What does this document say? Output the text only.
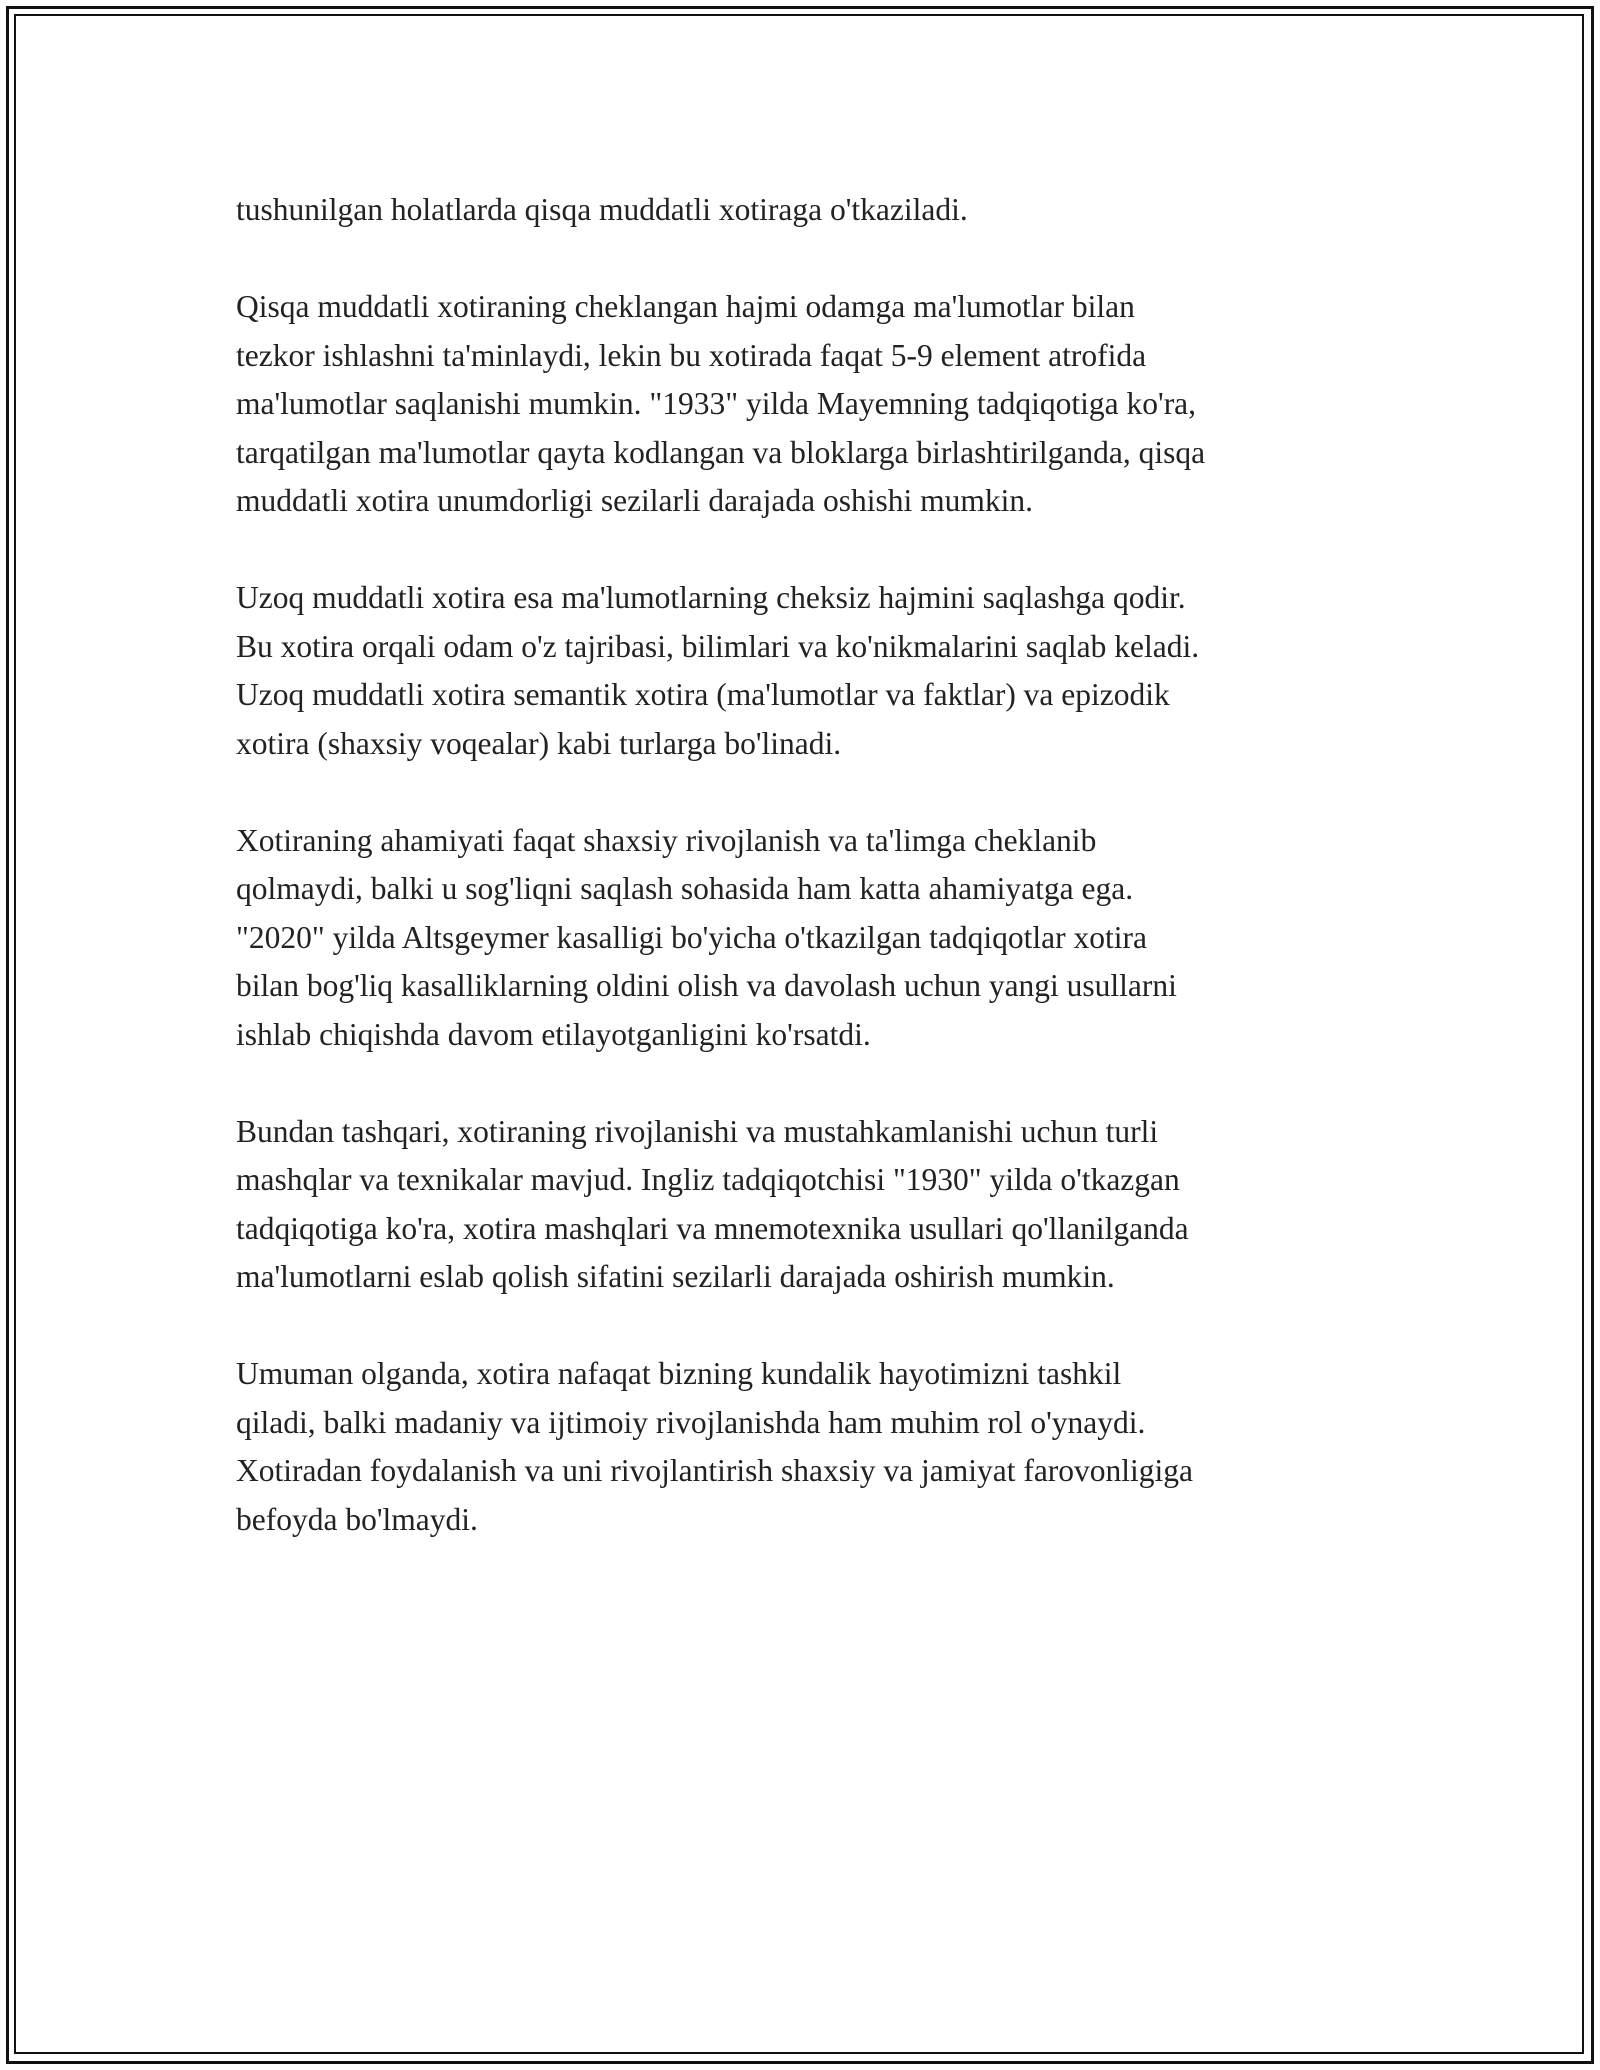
tushunilgan holatlarda qisqa muddatli xotiraga o'tkaziladi.

Qisqa muddatli xotiraning cheklangan hajmi odamga ma'lumotlar bilan
tezkor ishlashni ta'minlaydi, lekin bu xotirada faqat 5-9 element atrofida
ma'lumotlar saqlanishi mumkin. "1933" yilda Mayemning tadqiqotiga ko'ra,
tarqatilgan ma'lumotlar qayta kodlangan va bloklarga birlashtirilganda, qisqa
muddatli xotira unumdorligi sezilarli darajada oshishi mumkin.

Uzoq muddatli xotira esa ma'lumotlarning cheksiz hajmini saqlashga qodir.
Bu xotira orqali odam o'z tajribasi, bilimlari va ko'nikmalarini saqlab keladi.
Uzoq muddatli xotira semantik xotira (ma'lumotlar va faktlar) va epizodik
xotira (shaxsiy voqealar) kabi turlarga bo'linadi.

Xotiraning ahamiyati faqat shaxsiy rivojlanish va ta'limga cheklanib
qolmaydi, balki u sog'liqni saqlash sohasida ham katta ahamiyatga ega.
"2020" yilda Altsgeymer kasalligi bo'yicha o'tkazilgan tadqiqotlar xotira
bilan bog'liq kasalliklarning oldini olish va davolash uchun yangi usullarni
ishlab chiqishda davom etilayotganligini ko'rsatdi.

Bundan tashqari, xotiraning rivojlanishi va mustahkamlanishi uchun turli
mashqlar va texnikalar mavjud. Ingliz tadqiqotchisi "1930" yilda o'tkazgan
tadqiqotiga ko'ra, xotira mashqlari va mnemotexnika usullari qo'llanilganda
ma'lumotlarni eslab qolish sifatini sezilarli darajada oshirish mumkin.

Umuman olganda, xotira nafaqat bizning kundalik hayotimizni tashkil
qiladi, balki madaniy va ijtimoiy rivojlanishda ham muhim rol o'ynaydi.
Xotiradan foydalanish va uni rivojlantirish shaxsiy va jamiyat farovonligiga
befoyda bo'lmaydi.
